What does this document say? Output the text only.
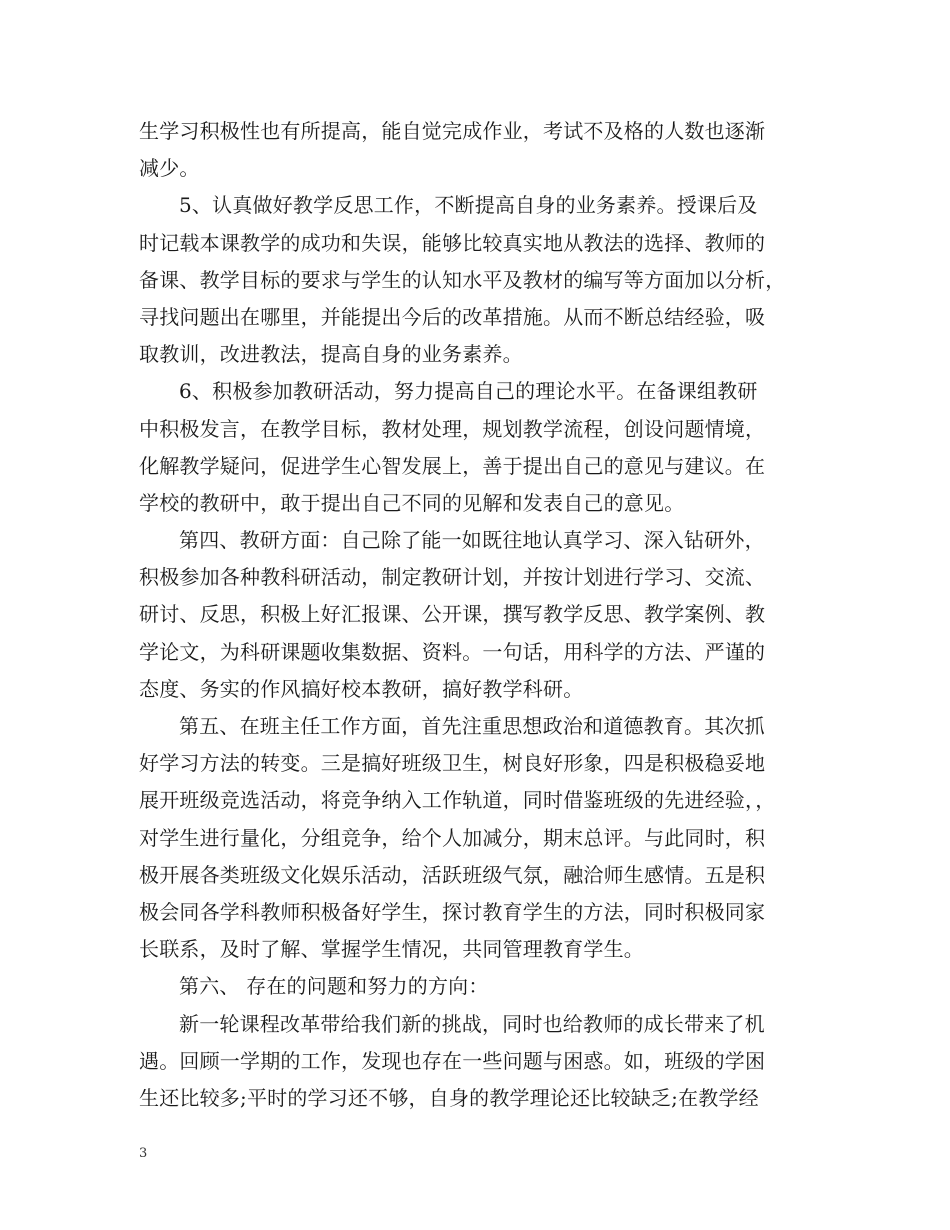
生学习积极性也有所提高，能自觉完成作业，考试不及格的人数也逐渐
减少。
5、认真做好教学反思工作，不断提高自身的业务素养。授课后及
时记载本课教学的成功和失误，能够比较真实地从教法的选择、教师的
备课、教学目标的要求与学生的认知水平及教材的编写等方面加以分析，
寻找问题出在哪里，并能提出今后的改革措施。从而不断总结经验，吸
取教训，改进教法，提高自身的业务素养。
6、积极参加教研活动，努力提高自己的理论水平。在备课组教研
中积极发言，在教学目标，教材处理，规划教学流程，创设问题情境，
化解教学疑问，促进学生心智发展上，善于提出自己的意见与建议。在
学校的教研中，敢于提出自己不同的见解和发表自己的意见。
第四、教研方面：自己除了能一如既往地认真学习、深入钻研外，
积极参加各种教科研活动，制定教研计划，并按计划进行学习、交流、
研讨、反思，积极上好汇报课、公开课，撰写教学反思、教学案例、教
学论文，为科研课题收集数据、资料。一句话，用科学的方法、严谨的
态度、务实的作风搞好校本教研，搞好教学科研。
第五、在班主任工作方面，首先注重思想政治和道德教育。其次抓
好学习方法的转变。三是搞好班级卫生，树良好形象，四是积极稳妥地
展开班级竞选活动，将竞争纳入工作轨道，同时借鉴班级的先进经验，，
对学生进行量化，分组竞争，给个人加减分，期末总评。与此同时，积
极开展各类班级文化娱乐活动，活跃班级气氛，融洽师生感情。五是积
极会同各学科教师积极备好学生，探讨教育学生的方法，同时积极同家
长联系，及时了解、掌握学生情况，共同管理教育学生。
第六、 存在的问题和努力的方向：
新一轮课程改革带给我们新的挑战，同时也给教师的成长带来了机
遇。回顾一学期的工作，发现也存在一些问题与困惑。如，班级的学困
生还比较多;平时的学习还不够，自身的教学理论还比较缺乏;在教学经
3
